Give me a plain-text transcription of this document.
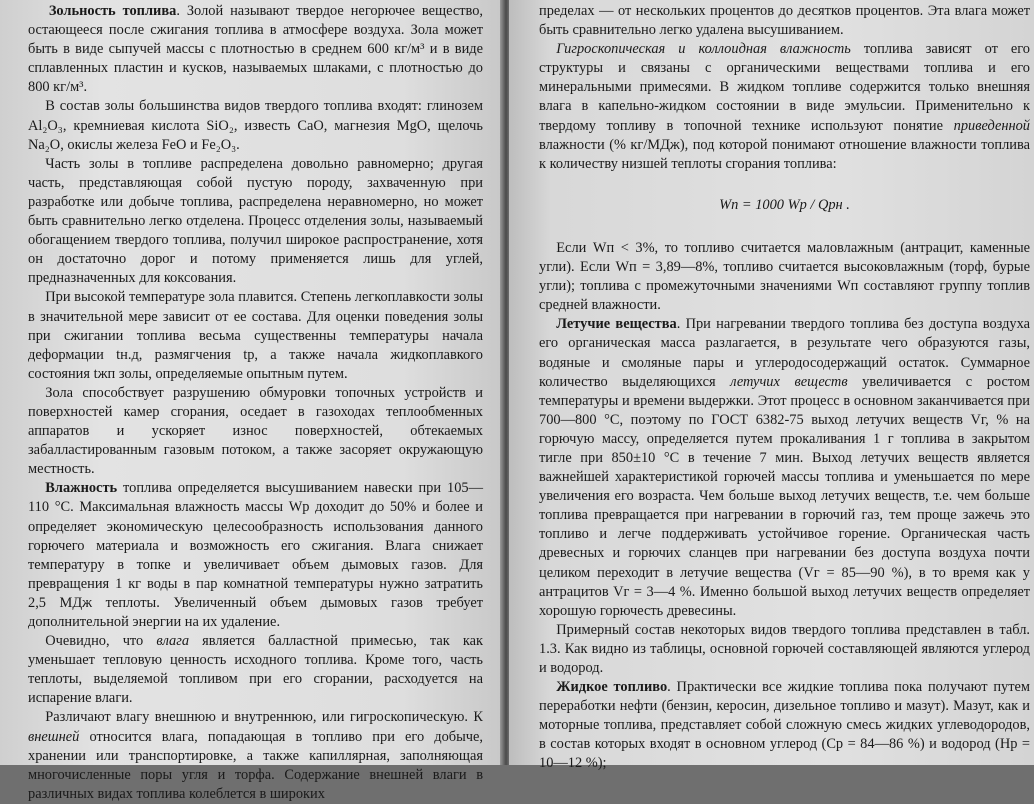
Зольность топлива. Золой называют твердое негорючее вещество, остающееся после сжигания топлива в атмосфере воздуха. Зола может быть в виде сыпучей массы с плотностью в среднем 600 кг/м³ и в виде сплавленных пластин и кусков, называемых шлаками, с плотностью до 800 кг/м³.

В состав золы большинства видов твердого топлива входят: глинозем Al₂O₃, кремниевая кислота SiO₂, известь CaO, магнезия MgO, щелочь Na₂O, окислы железа FeO и Fe₂O₃.

Часть золы в топливе распределена довольно равномерно; другая часть, представляющая собой пустую породу, захваченную при разработке или добыче топлива, распределена неравномерно, но может быть сравнительно легко отделена. Процесс отделения золы, называемый обогащением твердого топлива, получил широкое распространение, хотя он достаточно дорог и потому применяется лишь для углей, предназначенных для коксования.

При высокой температуре зола плавится. Степень легкоплавкости золы в значительной мере зависит от ее состава. Для оценки поведения золы при сжигании топлива весьма существенны температуры начала деформации tн.д, размягчения tр, а также начала жидкоплавкого состояния tжп золы, определяемые опытным путем.

Зола способствует разрушению обмуровки топочных устройств и поверхностей камер сгорания, оседает в газоходах теплообменных аппаратов и ускоряет износ поверхностей, обтекаемых забалластированным газовым потоком, а также засоряет окружающую местность.

Влажность топлива определяется высушиванием навески при 105—110 °С. Максимальная влажность массы Wр доходит до 50% и более и определяет экономическую целесообразность использования данного горючего материала и возможность его сжигания. Влага снижает температуру в топке и увеличивает объем дымовых газов. Для превращения 1 кг воды в пар комнатной температуры нужно затратить 2,5 МДж теплоты. Увеличенный объем дымовых газов требует дополнительной энергии на их удаление.

Очевидно, что влага является балластной примесью, так как уменьшает тепловую ценность исходного топлива. Кроме того, часть теплоты, выделяемой топливом при его сгорании, расходуется на испарение влаги.

Различают влагу внешнюю и внутреннюю, или гигроскопическую. К внешней относится влага, попадающая в топливо при его добыче, хранении или транспортировке, а также капиллярная, заполняющая многочисленные поры угля и торфа. Содержание внешней влаги в различных видах топлива колеблется в широких

пределах — от нескольких процентов до десятков процентов. Эта влага может быть сравнительно легко удалена высушиванием.

Гигроскопическая и коллоидная влажность топлива зависят от его структуры и связаны с органическими веществами топлива и его минеральными примесями. В жидком топливе содержится только внешняя влага в капельно-жидком состоянии в виде эмульсии. Применительно к твердому топливу в топочной технике используют понятие приведенной влажности (% кг/МДж), под которой понимают отношение влажности топлива к количеству низшей теплоты сгорания топлива:

Wп = 1000 Wр / Qрн .

Если Wп < 3%, то топливо считается маловлажным (антрацит, каменные угли). Если Wп = 3,89—8%, топливо считается высоковлажным (торф, бурые угли); топлива с промежуточными значениями Wп составляют группу топлив средней влажности.

Летучие вещества. При нагревании твердого топлива без доступа воздуха его органическая масса разлагается, в результате чего образуются газы, водяные и смоляные пары и углеродосодержащий остаток. Суммарное количество выделяющихся летучих веществ увеличивается с ростом температуры и времени выдержки. Этот процесс в основном заканчивается при 700—800 °С, поэтому по ГОСТ 6382-75 выход летучих веществ Vг, % на горючую массу, определяется путем прокаливания 1 г топлива в закрытом тигле при 850±10 °С в течение 7 мин. Выход летучих веществ является важнейшей характеристикой горючей массы топлива и уменьшается по мере увеличения его возраста. Чем больше выход летучих веществ, т.е. чем больше топлива превращается при нагревании в горючий газ, тем проще зажечь это топливо и легче поддерживать устойчивое горение. Органическая часть древесных и горючих сланцев при нагревании без доступа воздуха почти целиком переходит в летучие вещества (Vг = 85—90 %), в то время как у антрацитов Vг = 3—4 %. Именно большой выход летучих веществ определяет хорошую горючесть древесины.

Примерный состав некоторых видов твердого топлива представлен в табл. 1.3. Как видно из таблицы, основной горючей составляющей являются углерод и водород.

Жидкое топливо. Практически все жидкие топлива пока получают путем переработки нефти (бензин, керосин, дизельное топливо и мазут). Мазут, как и моторные топлива, представляет собой сложную смесь жидких углеводородов, в состав которых входят в основном углерод (Ср = 84—86 %) и водород (Нр = 10—12 %);
